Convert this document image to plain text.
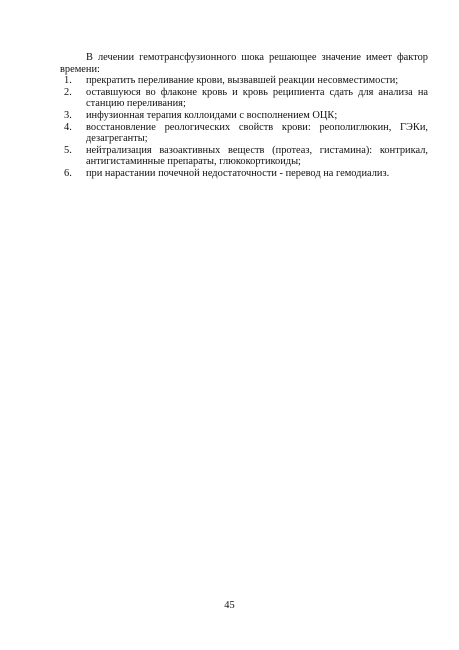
В лечении гемотрансфузионного шока решающее значение имеет фактор времени:

1. прекратить переливание крови, вызвавшей реакции несовместимости;
2. оставшуюся во флаконе кровь и кровь реципиента сдать для анализа на станцию переливания;
3. инфузионная терапия коллоидами с восполнением ОЦК;
4. восстановление реологических свойств крови: реополиглюкин, ГЭКи, дезагреганты;
5. нейтрализация вазоактивных веществ (протеаз, гистамина): контрикал, антигистаминные препараты, глюкокортикоиды;
6. при нарастании почечной недостаточности - перевод на гемодиализ.
45
